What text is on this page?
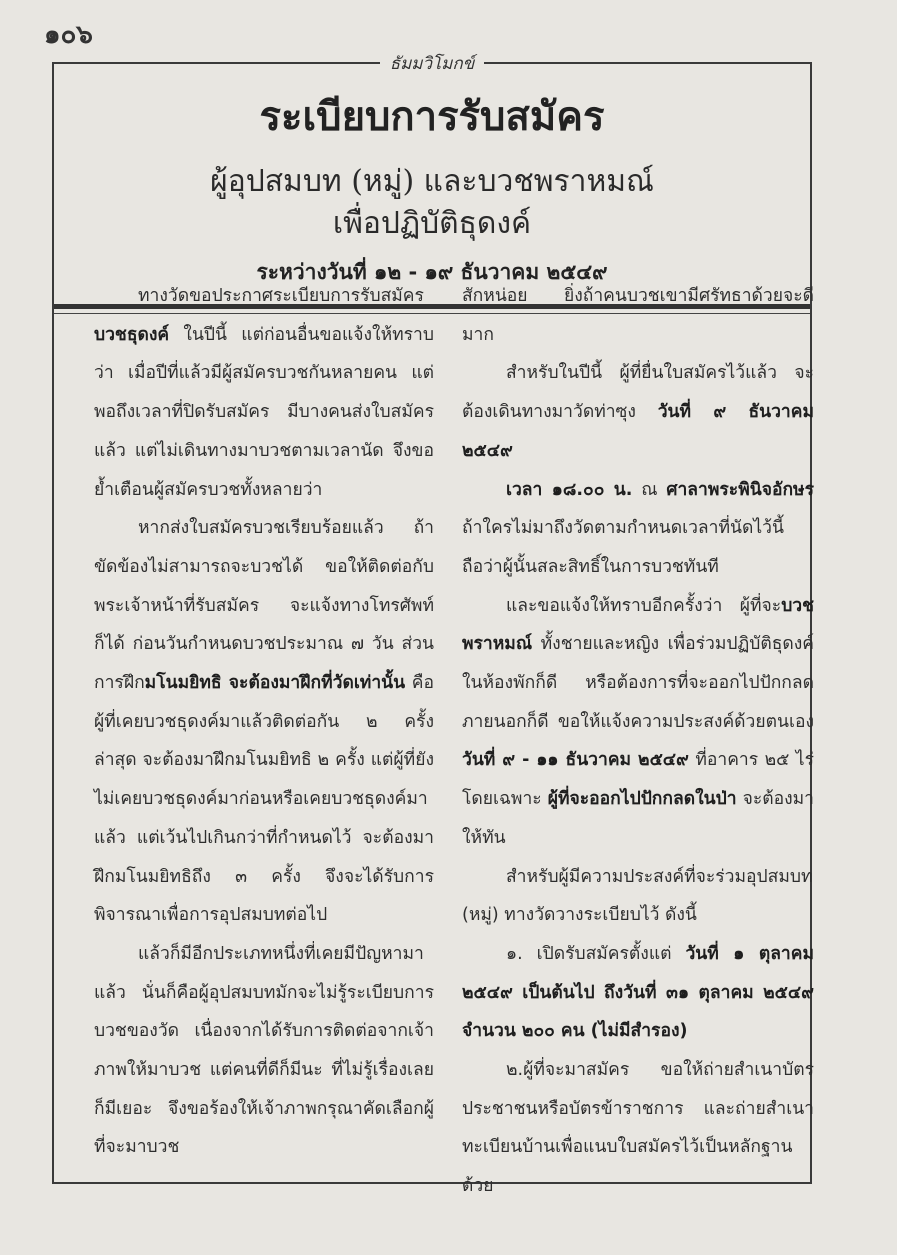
๑๐๖
ธัมมวิโมกข์
ระเบียบการรับสมัคร
ผู้อุปสมบท (หมู่) และบวชพราหมณ์
เพื่อปฏิบัติธุดงค์
ระหว่างวันที่ ๑๒ - ๑๙ ธันวาคม ๒๕๔๙

ทางวัดขอประกาศระเบียบการรับสมัคร บวชธุดงค์ ในปีนี้ แต่ก่อนอื่นขอแจ้งให้ทราบว่า เมื่อปีที่แล้วมีผู้สมัครบวชกันหลายคน แต่พอถึงเวลาที่ปิดรับสมัคร มีบางคนส่งใบสมัครแล้ว แต่ไม่เดินทางมาบวชตามเวลานัด จึงขอย้ำเตือนผู้สมัครบวชทั้งหลายว่า

หากส่งใบสมัครบวชเรียบร้อยแล้ว ถ้าขัดข้องไม่สามารถจะบวชได้ ขอให้ติดต่อกับพระเจ้าหน้าที่รับสมัคร จะแจ้งทางโทรศัพท์ก็ได้ ก่อนวันกำหนดบวชประมาณ ๗ วัน ส่วนการฝึกมโนมยิทธิ จะต้องมาฝึกที่วัดเท่านั้น คือผู้ที่เคยบวชธุดงค์มาแล้วติดต่อกัน ๒ ครั้งล่าสุด จะต้องมาฝึกมโนมยิทธิ ๒ ครั้ง แต่ผู้ที่ยังไม่เคยบวชธุดงค์มาก่อนหรือเคยบวชธุดงค์มาแล้ว แต่เว้นไปเกินกว่าที่กำหนดไว้ จะต้องมาฝึกมโนมยิทธิถึง ๓ ครั้ง จึงจะได้รับการพิจารณาเพื่อการอุปสมบทต่อไป

แล้วก็มีอีกประเภทหนึ่งที่เคยมีปัญหามาแล้ว นั่นก็คือผู้อุปสมบทมักจะไม่รู้ระเบียบการบวชของวัด เนื่องจากได้รับการติดต่อจากเจ้าภาพให้มาบวช แต่คนที่ดีก็มีนะ ที่ไม่รู้เรื่องเลยก็มีเยอะ จึงขอร้องให้เจ้าภาพกรุณาคัดเลือกผู้ที่จะมาบวช

สักหน่อย ยิ่งถ้าคนบวชเขามีศรัทธาด้วยจะดีมาก

สำหรับในปีนี้ ผู้ที่ยื่นใบสมัครไว้แล้ว จะต้องเดินทางมาวัดท่าซุง วันที่ ๙ ธันวาคม ๒๕๔๙

เวลา ๑๘.๐๐ น. ณ ศาลาพระพินิจอักษร ถ้าใครไม่มาถึงวัดตามกำหนดเวลาที่นัดไว้นี้ ถือว่าผู้นั้นสละสิทธิ์ในการบวชทันที

และขอแจ้งให้ทราบอีกครั้งว่า ผู้ที่จะบวชพราหมณ์ ทั้งชายและหญิง เพื่อร่วมปฏิบัติธุดงค์ในห้องพักก็ดี หรือต้องการที่จะออกไปปักกลดภายนอกก็ดี ขอให้แจ้งความประสงค์ด้วยตนเอง วันที่ ๙ - ๑๑ ธันวาคม ๒๕๔๙ ที่อาคาร ๒๕ ไร่ โดยเฉพาะ ผู้ที่จะออกไปปักกลดในป่า จะต้องมาให้ทัน

สำหรับผู้มีความประสงค์ที่จะร่วมอุปสมบท (หมู่) ทางวัดวางระเบียบไว้ ดังนี้

๑. เปิดรับสมัครตั้งแต่ วันที่ ๑ ตุลาคม ๒๕๔๙ เป็นต้นไป ถึงวันที่ ๓๑ ตุลาคม ๒๕๔๙ จำนวน ๒๐๐ คน (ไม่มีสำรอง)

๒.ผู้ที่จะมาสมัคร ขอให้ถ่ายสำเนาบัตรประชาชนหรือบัตรข้าราชการ และถ่ายสำเนาทะเบียนบ้านเพื่อแนบใบสมัครไว้เป็นหลักฐานด้วย
